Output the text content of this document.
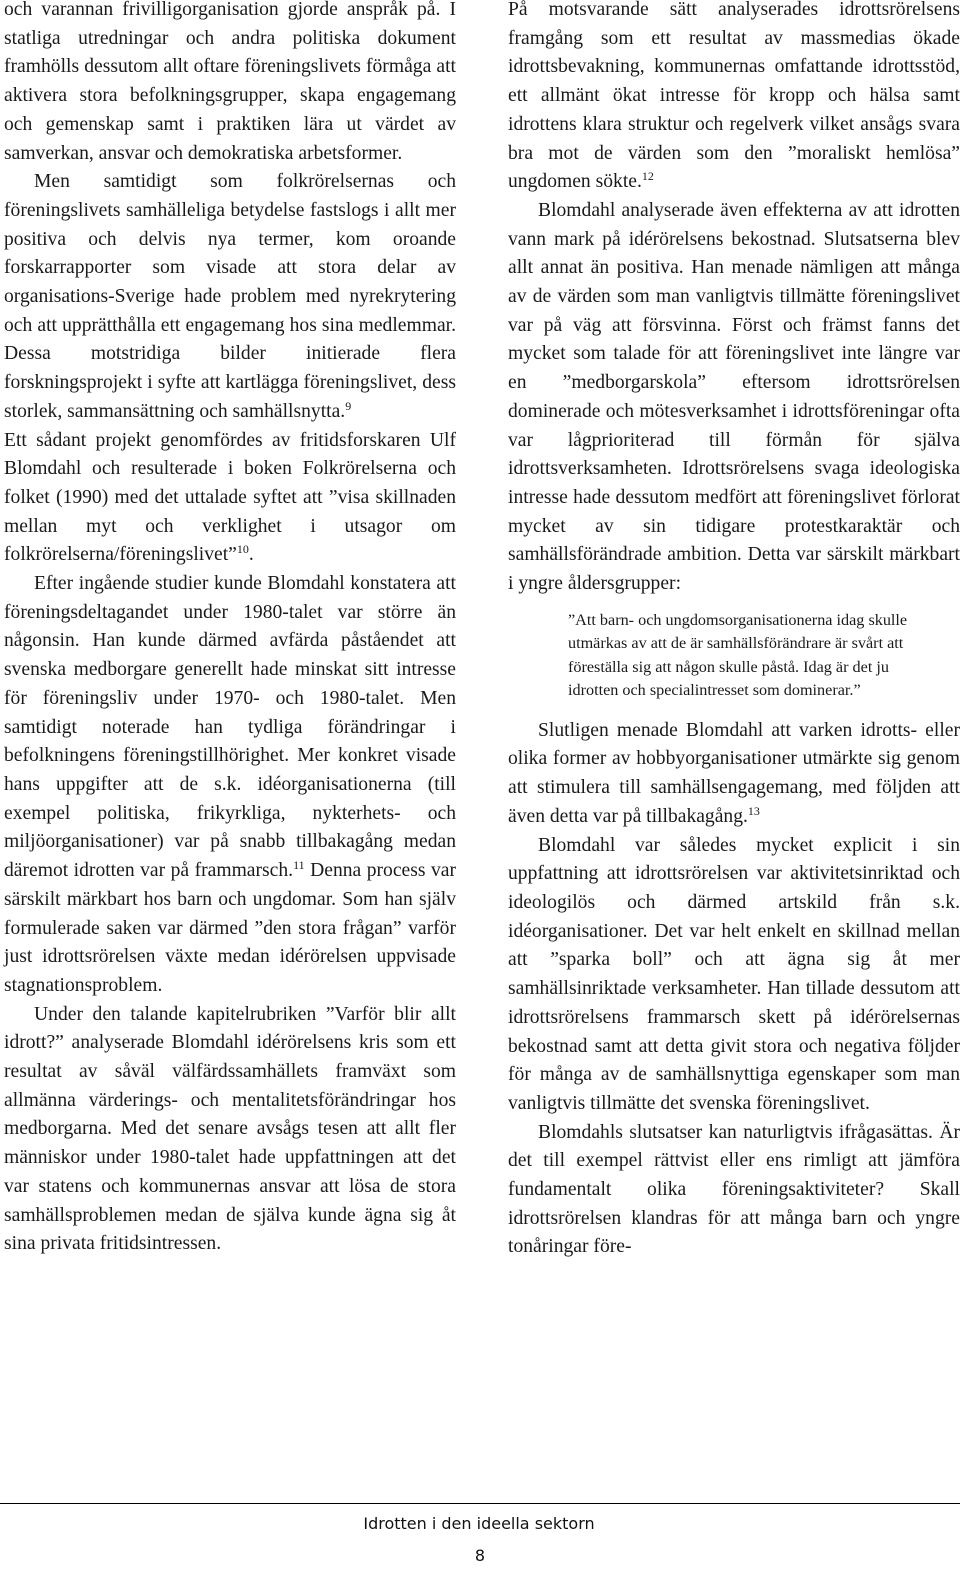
och varannan frivilligorganisation gjorde anspråk på. I statliga utredningar och andra politiska dokument framhölls dessutom allt oftare föreningslivets förmåga att aktivera stora befolkningsgrupper, skapa engagemang och gemenskap samt i praktiken lära ut värdet av samverkan, ansvar och demokratiska arbetsformer.

Men samtidigt som folkrörelsernas och föreningslivets samhälleliga betydelse fastslogs i allt mer positiva och delvis nya termer, kom oroande forskarrapporter som visade att stora delar av organisations-Sverige hade problem med nyrekrytering och att upprätthålla ett engagemang hos sina medlemmar. Dessa motstridiga bilder initierade flera forskningsprojekt i syfte att kartlägga föreningslivet, dess storlek, sammansättning och samhällsnytta.$^9$

Ett sådant projekt genomfördes av fritidsforskaren Ulf Blomdahl och resulterade i boken Folkrörelserna och folket (1990) med det uttalade syftet att ”visa skillnaden mellan myt och verklighet i utsagor om folkrörelserna/föreningslivet”$^{10}$.

Efter ingående studier kunde Blomdahl konstatera att föreningsdeltagandet under 1980-talet var större än någonsin. Han kunde därmed avfärda påståendet att svenska medborgare generellt hade minskat sitt intresse för föreningsliv under 1970- och 1980-talet. Men samtidigt noterade han tydliga förändringar i befolkningens föreningstillhörighet. Mer konkret visade hans uppgifter att de s.k. idéorganisationerna (till exempel politiska, frikyrkliga, nykterhets- och miljöorganisationer) var på snabb tillbakagång medan däremot idrotten var på frammarsch.$^{11}$ Denna process var särskilt märkbart hos barn och ungdomar. Som han själv formulerade saken var därmed ”den stora frågan” varför just idrottsrörelsen växte medan idérörelsen uppvisade stagnationsproblem.

Under den talande kapitelrubriken ”Varför blir allt idrott?” analyserade Blomdahl idérörelsens kris som ett resultat av såväl välfärdssamhällets framväxt som allmänna värderings- och mentalitetsförändringar hos medborgarna. Med det senare avsågs tesen att allt fler människor under 1980-talet hade uppfattningen att det var statens och kommunernas ansvar att lösa de stora samhällsproblemen medan de själva kunde ägna sig åt sina privata fritidsintressen.

På motsvarande sätt analyserades idrottsrörelsens framgång som ett resultat av massmedias ökade idrottsbevakning, kommunernas omfattande idrottsstöd, ett allmänt ökat intresse för kropp och hälsa samt idrottens klara struktur och regelverk vilket ansågs svara bra mot de värden som den ”moraliskt hemlösa” ungdomen sökte.$^{12}$

Blomdahl analyserade även effekterna av att idrotten vann mark på idérörelsens bekostnad. Slutsatserna blev allt annat än positiva. Han menade nämligen att många av de värden som man vanligtvis tillmätte föreningslivet var på väg att försvinna. Först och främst fanns det mycket som talade för att föreningslivet inte längre var en ”medborgarskola” eftersom idrottsrörelsen dominerade och mötesverksamhet i idrottsföreningar ofta var lågprioriterad till förmån för själva idrottsverksamheten. Idrottsrörelsens svaga ideologiska intresse hade dessutom medfört att föreningslivet förlorat mycket av sin tidigare protestkaraktär och samhällsförändrade ambition. Detta var särskilt märkbart i yngre åldersgrupper:

”Att barn- och ungdomsorganisationerna idag skulle utmärkas av att de är samhällsförändrare är svårt att föreställa sig att någon skulle påstå. Idag är det ju idrotten och specialintresset som dominerar.”

Slutligen menade Blomdahl att varken idrotts- eller olika former av hobbyorganisationer utmärkte sig genom att stimulera till samhällsengagemang, med följden att även detta var på tillbakagång.$^{13}$

Blomdahl var således mycket explicit i sin uppfattning att idrottsrörelsen var aktivitetsinriktad och ideologilös och därmed artskild från s.k. idéorganisationer. Det var helt enkelt en skillnad mellan att ”sparka boll” och att ägna sig åt mer samhällsinriktade verksamheter. Han tillade dessutom att idrottsrörelsens frammarsch skett på idérörelsernas bekostnad samt att detta givit stora och negativa följder för många av de samhällsnyttiga egenskaper som man vanligtvis tillmätte det svenska föreningslivet.

Blomdahls slutsatser kan naturligtvis ifrågasättas. Är det till exempel rättvist eller ens rimligt att jämföra fundamentalt olika föreningsaktiviteter? Skall idrottsrörelsen klandras för att många barn och yngre tonåringar före-

Idrotten i den ideella sektorn
8
